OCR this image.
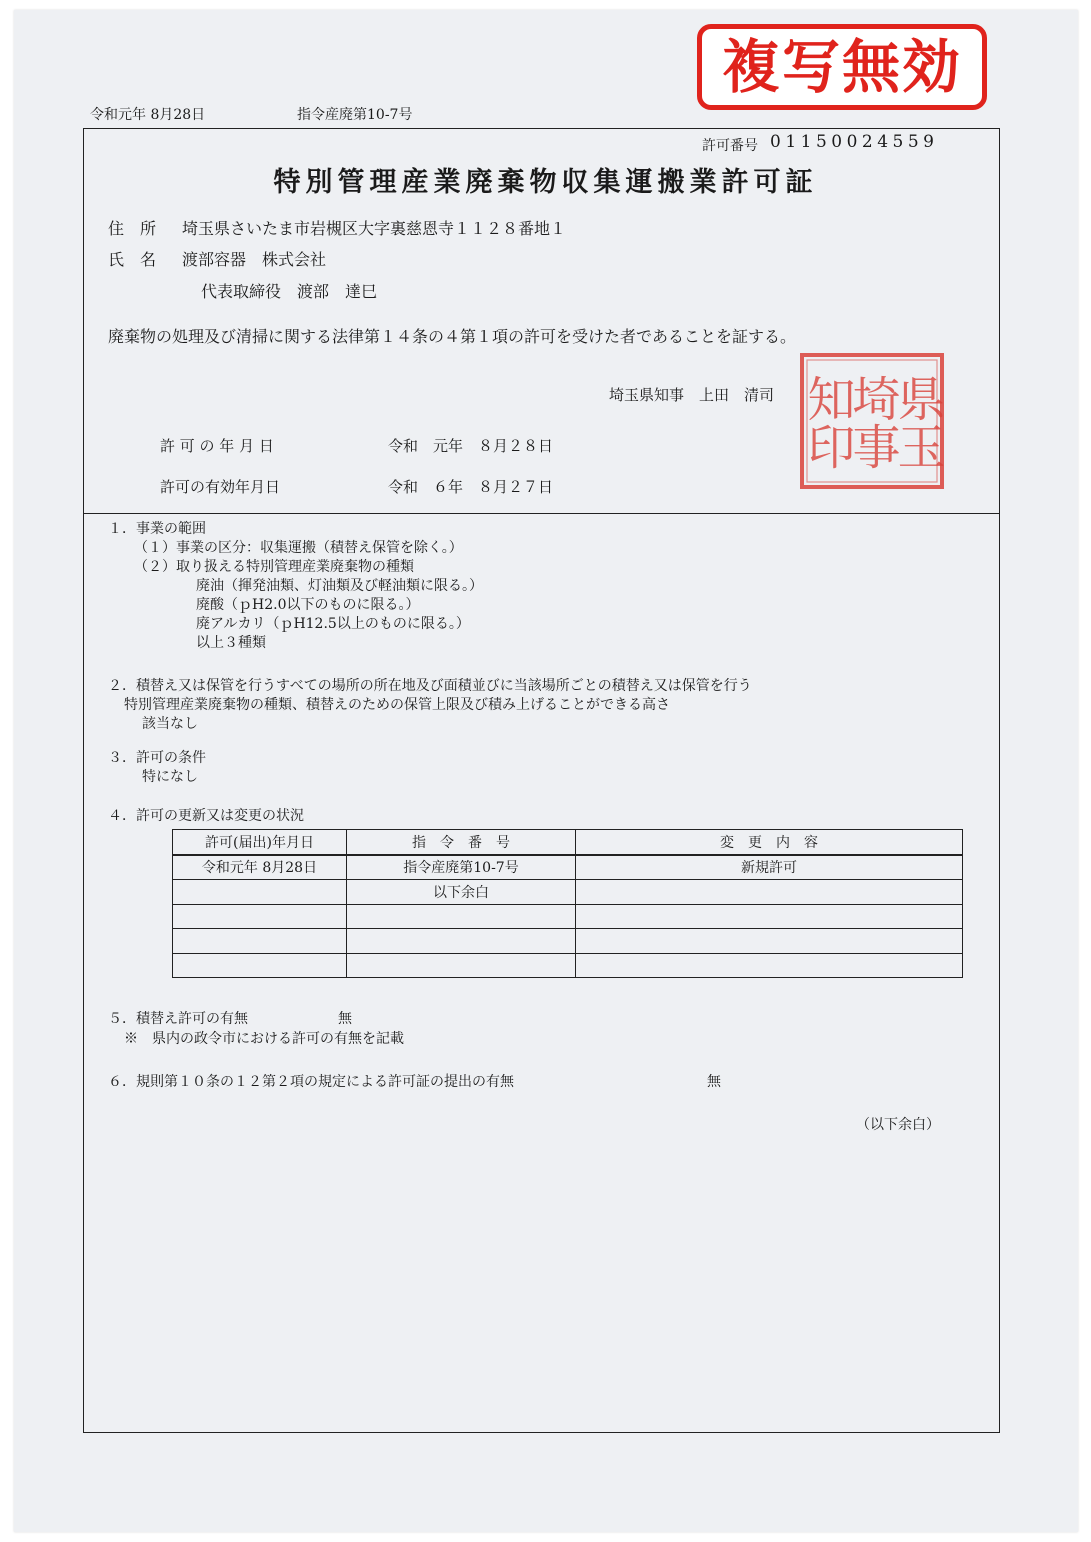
複写無効
令和元年 8月28日	指令産廃第10-7号
許可番号 01150024559
特別管理産業廃棄物収集運搬業許可証
住　所 埼玉県さいたま市岩槻区大字裏慈恩寺１１２８番地１
氏　名 渡部容器　株式会社
代表取締役　渡部　達巳
廃棄物の処理及び清掃に関する法律第１４条の４第１項の許可を受けた者であることを証する。
埼玉県知事　上田　清司 県玉
埼事
知印
許 可 の 年 月 日	令和　元年　８月２８日
許可の有効年月日	令和　６年　８月２７日
１．事業の範囲
（１）事業の区分：収集運搬（積替え保管を除く。）
（２）取り扱える特別管理産業廃棄物の種類
廃油（揮発油類、灯油類及び軽油類に限る。）
廃酸（ｐH2.0以下のものに限る。）
廃アルカリ（ｐH12.5以上のものに限る。）
以上３種類
２．積替え又は保管を行うすべての場所の所在地及び面積並びに当該場所ごとの積替え又は保管を行う
特別管理産業廃棄物の種類、積替えのための保管上限及び積み上げることができる高さ
該当なし
３．許可の条件
特になし
４．許可の更新又は変更の状況
許可(届出)年月日	指　令　番　号	変　更　内　容
令和元年 8月28日	指令産廃第10-7号	新規許可
	以下余白	

５．積替え許可の有無	無
※　県内の政令市における許可の有無を記載
６．規則第１０条の１２第２項の規定による許可証の提出の有無	無
（以下余白）
